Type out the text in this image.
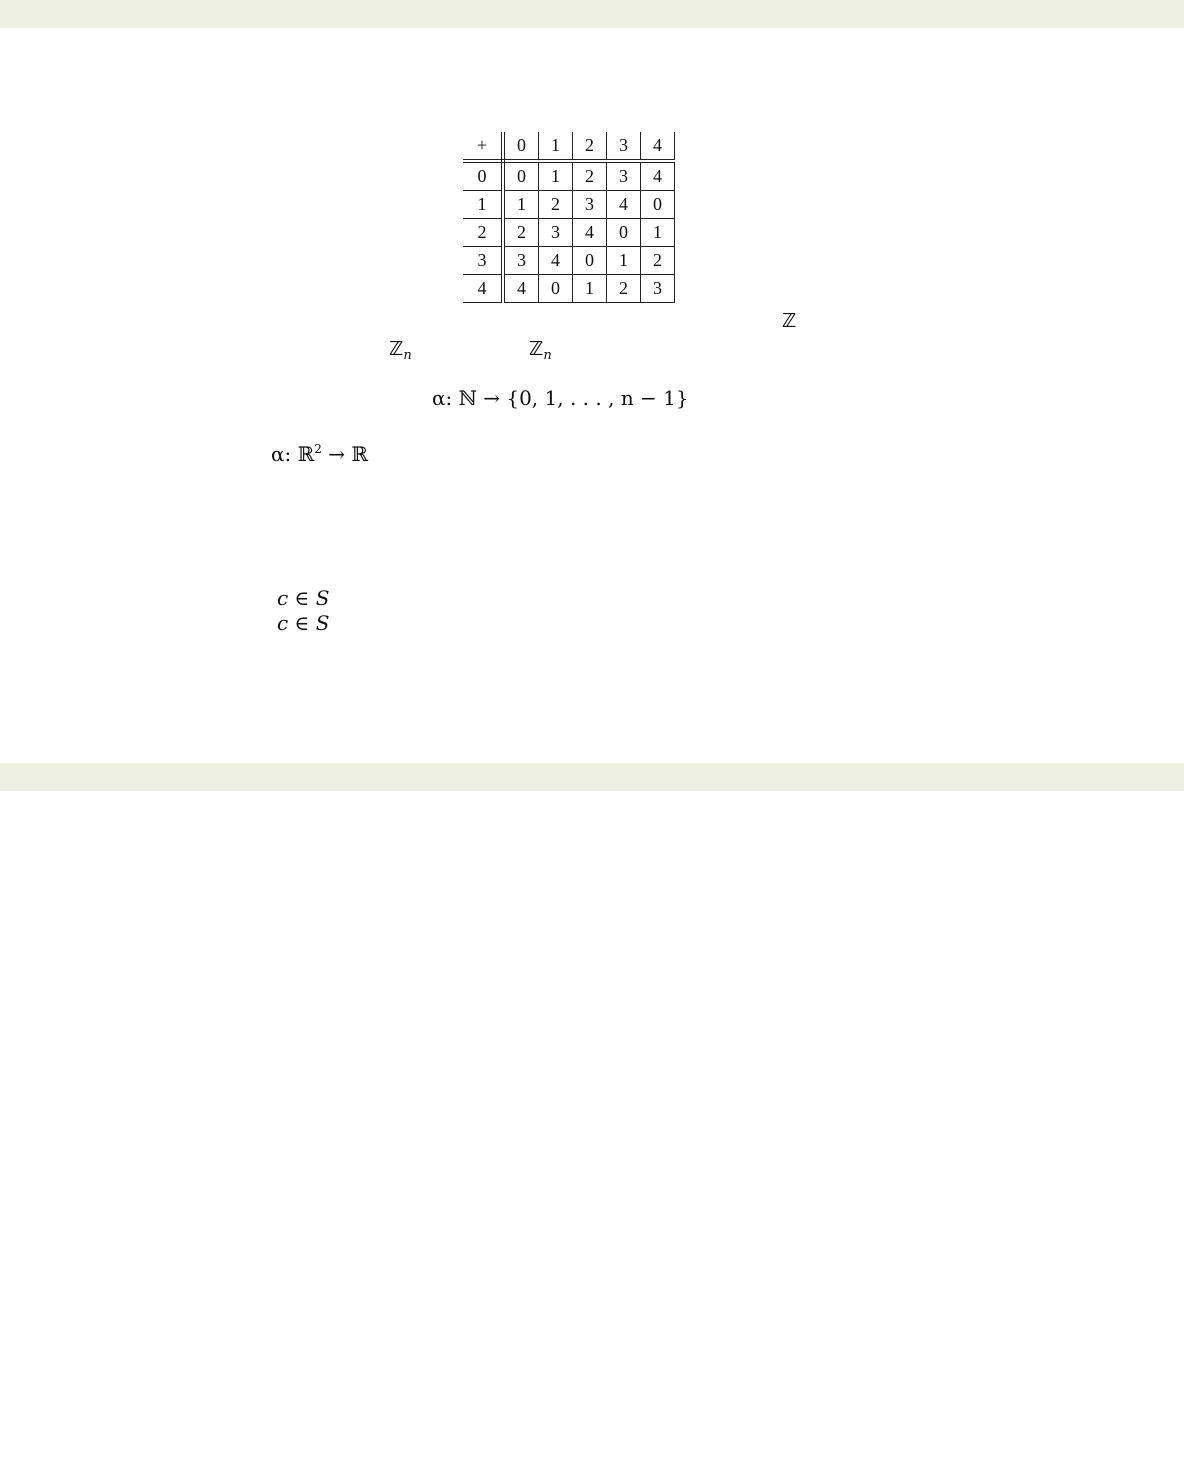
+	0	1	2	3	4
0	0	1	2	3	4
1	1	2	3	4	0
2	2	3	4	0	1
3	3	4	0	1	2
4	4	0	1	2	3
ℤ
ℤ$_n$	ℤ$_n$
α: ℕ → {0, 1, . . . , n − 1}
α: ℝ$^2$ → ℝ
c ∈ S
c ∈ S
